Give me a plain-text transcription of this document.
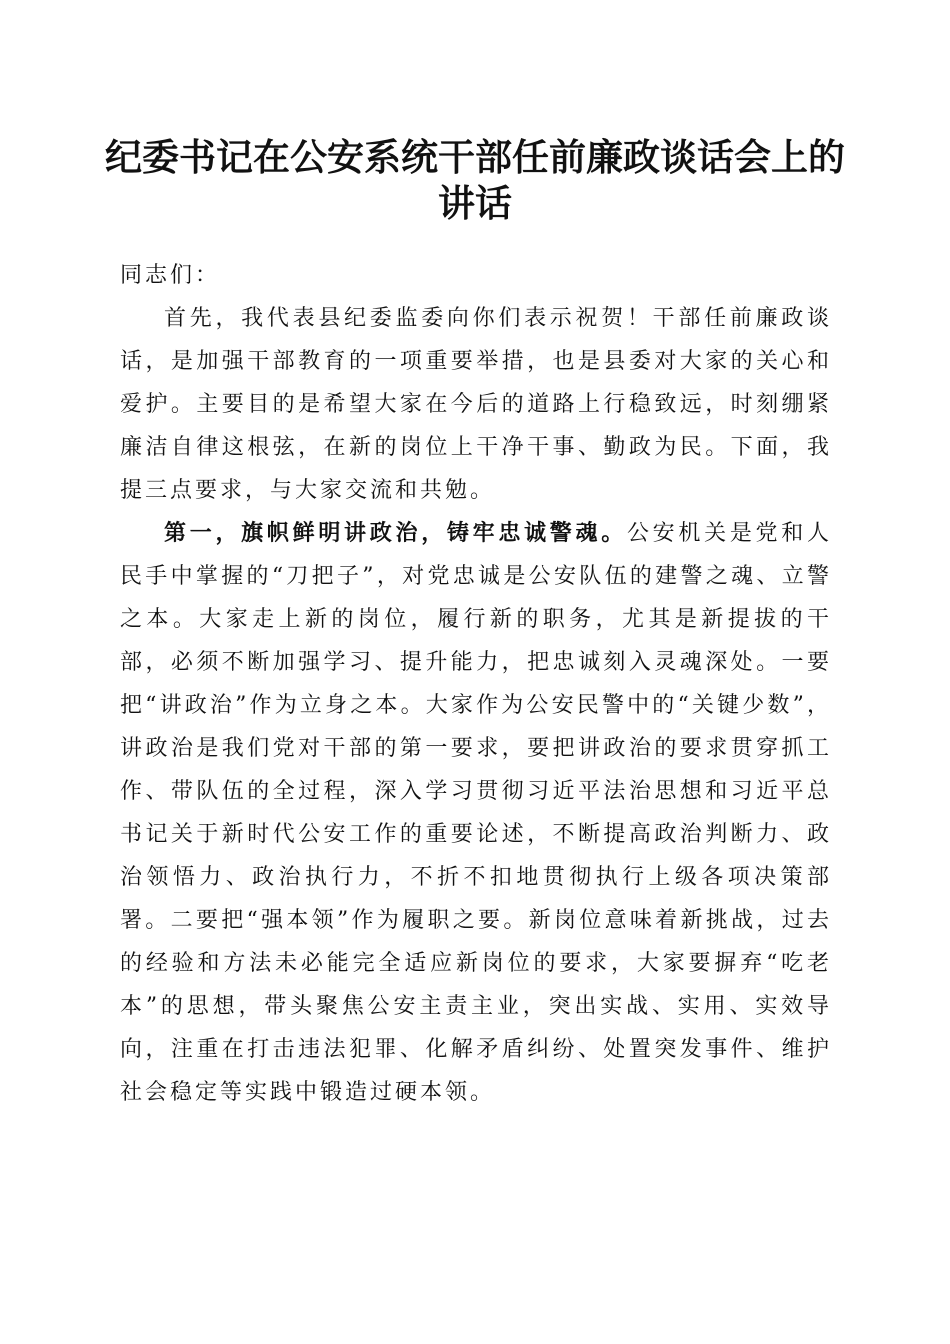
纪委书记在公安系统干部任前廉政谈话会上的讲话

同志们：

首先，我代表县纪委监委向你们表示祝贺！干部任前廉政谈话，是加强干部教育的一项重要举措，也是县委对大家的关心和爱护。主要目的是希望大家在今后的道路上行稳致远，时刻绷紧廉洁自律这根弦，在新的岗位上干净干事、勤政为民。下面，我提三点要求，与大家交流和共勉。

第一，旗帜鲜明讲政治，铸牢忠诚警魂。公安机关是党和人民手中掌握的“刀把子”，对党忠诚是公安队伍的建警之魂、立警之本。大家走上新的岗位，履行新的职务，尤其是新提拔的干部，必须不断加强学习、提升能力，把忠诚刻入灵魂深处。一要把“讲政治”作为立身之本。大家作为公安民警中的“关键少数”，讲政治是我们党对干部的第一要求，要把讲政治的要求贯穿抓工作、带队伍的全过程，深入学习贯彻习近平法治思想和习近平总书记关于新时代公安工作的重要论述，不断提高政治判断力、政治领悟力、政治执行力，不折不扣地贯彻执行上级各项决策部署。二要把“强本领”作为履职之要。新岗位意味着新挑战，过去的经验和方法未必能完全适应新岗位的要求，大家要摒弃“吃老本”的思想，带头聚焦公安主责主业，突出实战、实用、实效导向，注重在打击违法犯罪、化解矛盾纠纷、处置突发事件、维护社会稳定等实践中锻造过硬本领。
